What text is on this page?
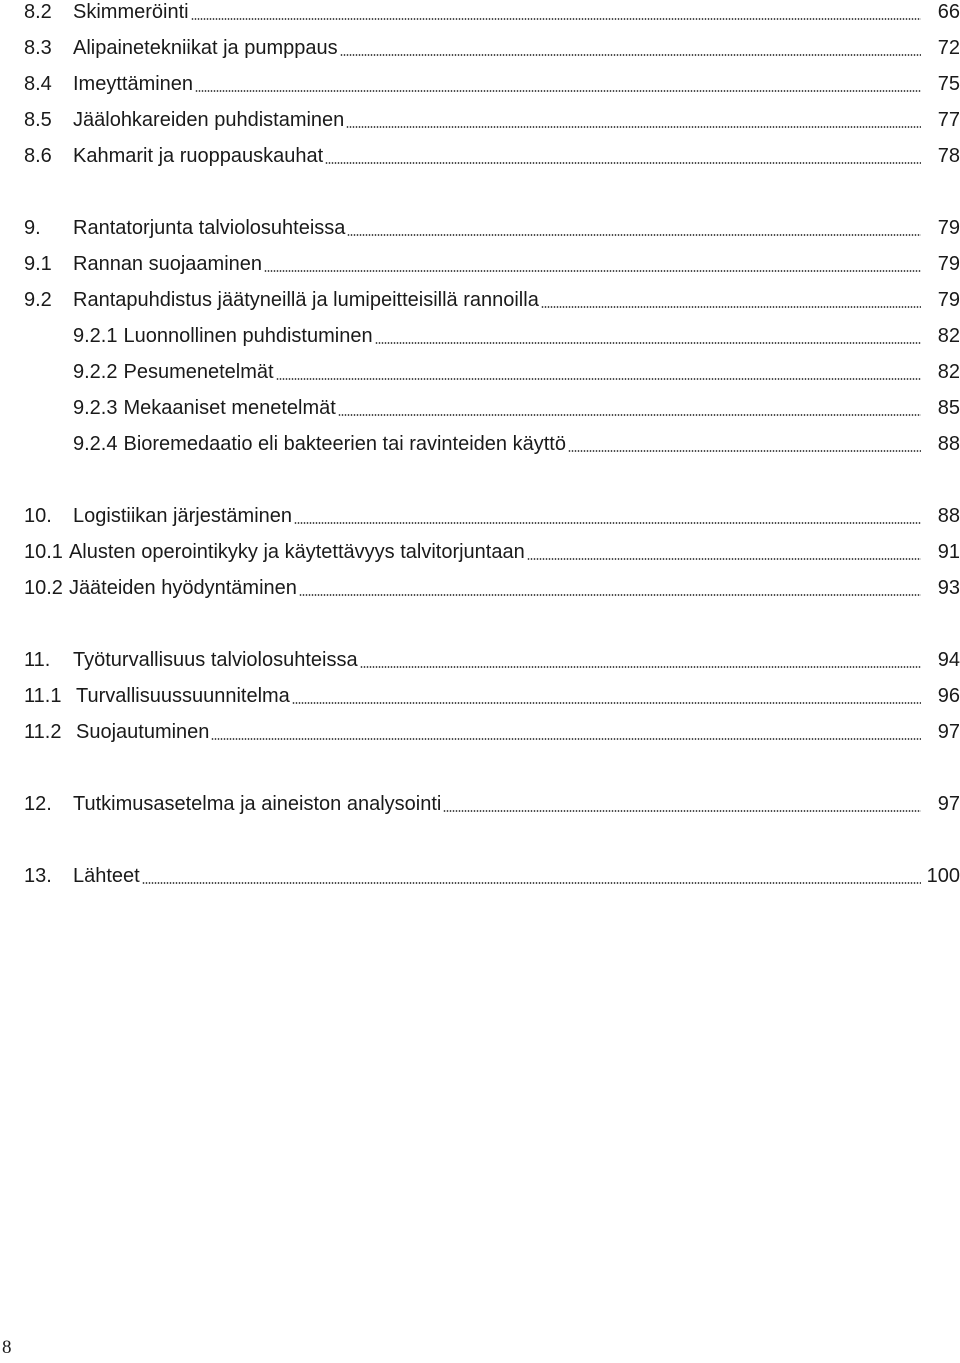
8.2	Skimmeröinti	66
8.3	Alipainetekniikat ja pumppaus	72
8.4	Imeyttäminen	75
8.5	Jäälohkareiden puhdistaminen	77
8.6	Kahmarit ja ruoppauskauhat	78
9.	Rantatorjunta talviolosuhteissa	79
9.1	Rannan suojaaminen	79
9.2	Rantapuhdistus jäätyneillä ja lumipeitteisillä rannoilla	79
9.2.1 Luonnollinen puhdistuminen	82
9.2.2 Pesumenetelmät	82
9.2.3 Mekaaniset menetelmät	85
9.2.4 Bioremedaatio eli bakteerien tai ravinteiden käyttö	88
10.	Logistiikan järjestäminen	88
10.1 Alusten operointikyky ja käytettävyys talvitorjuntaan	91
10.2 Jääteiden hyödyntäminen	93
11.	Työturvallisuus talviolosuhteissa	94
11.1 Turvallisuussuunnitelma	96
11.2 Suojautuminen	97
12.	Tutkimusasetelma ja aineiston analysointi	97
13.	Lähteet	100
8
